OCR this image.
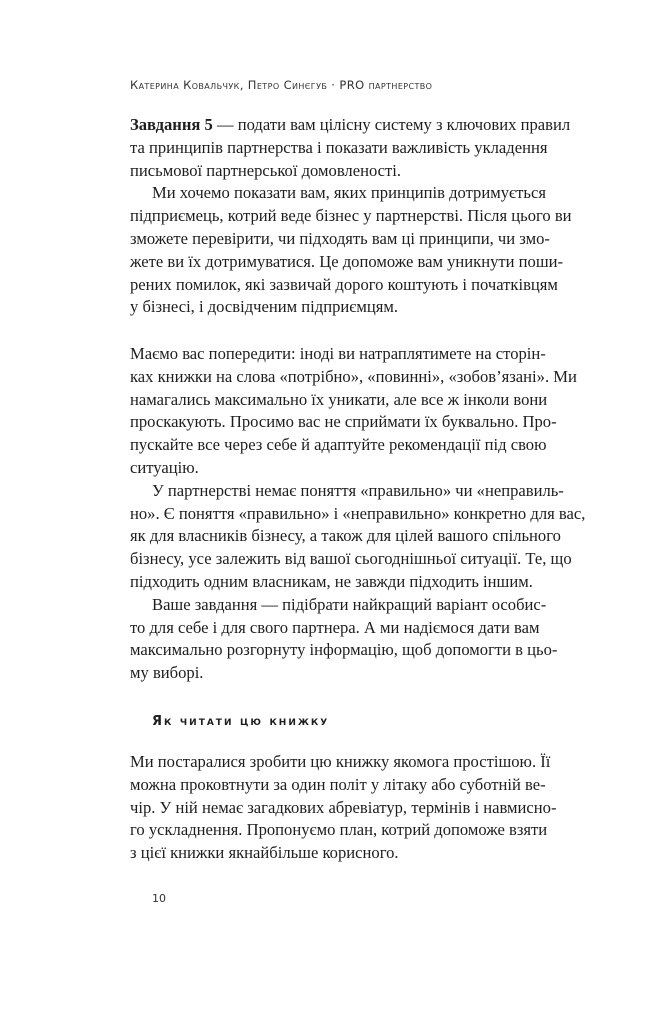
Катерина Ковальчук, Петро Синєгуб · PRO партнерство
Завдання 5 — подати вам цілісну систему з ключових правил
та принципів партнерства і показати важливість укладення
письмової партнерської домовленості.
Ми хочемо показати вам, яких принципів дотримується
підприємець, котрий веде бізнес у партнерстві. Після цього ви
зможете перевірити, чи підходять вам ці принципи, чи змо-
жете ви їх дотримуватися. Це допоможе вам уникнути поши-
рених помилок, які зазвичай дорого коштують і початківцям
у бізнесі, і досвідченим підприємцям.
Маємо вас попередити: іноді ви натраплятимете на сторін-
ках книжки на слова «потрібно», «повинні», «зобов’язані». Ми
намагались максимально їх уникати, але все ж інколи вони
проскакують. Просимо вас не сприймати їх буквально. Про-
пускайте все через себе й адаптуйте рекомендації під свою
ситуацію.
У партнерстві немає поняття «правильно» чи «неправиль-
но». Є поняття «правильно» і «неправильно» конкретно для вас,
як для власників бізнесу, а також для цілей вашого спільного
бізнесу, усе залежить від вашої сьогоднішньої ситуації. Те, що
підходить одним власникам, не завжди підходить іншим.
Ваше завдання — підібрати найкращий варіант особис-
то для себе і для свого партнера. А ми надіємося дати вам
максимально розгорнуту інформацію, щоб допомогти в цьо-
му виборі.
Як читати цю книжку
Ми постаралися зробити цю книжку якомога простішою. Її
можна проковтнути за один політ у літаку або суботній ве-
чір. У ній немає загадкових абревіатур, термінів і навмисно-
го ускладнення. Пропонуємо план, котрий допоможе взяти
з цієї книжки якнайбільше корисного.
10
